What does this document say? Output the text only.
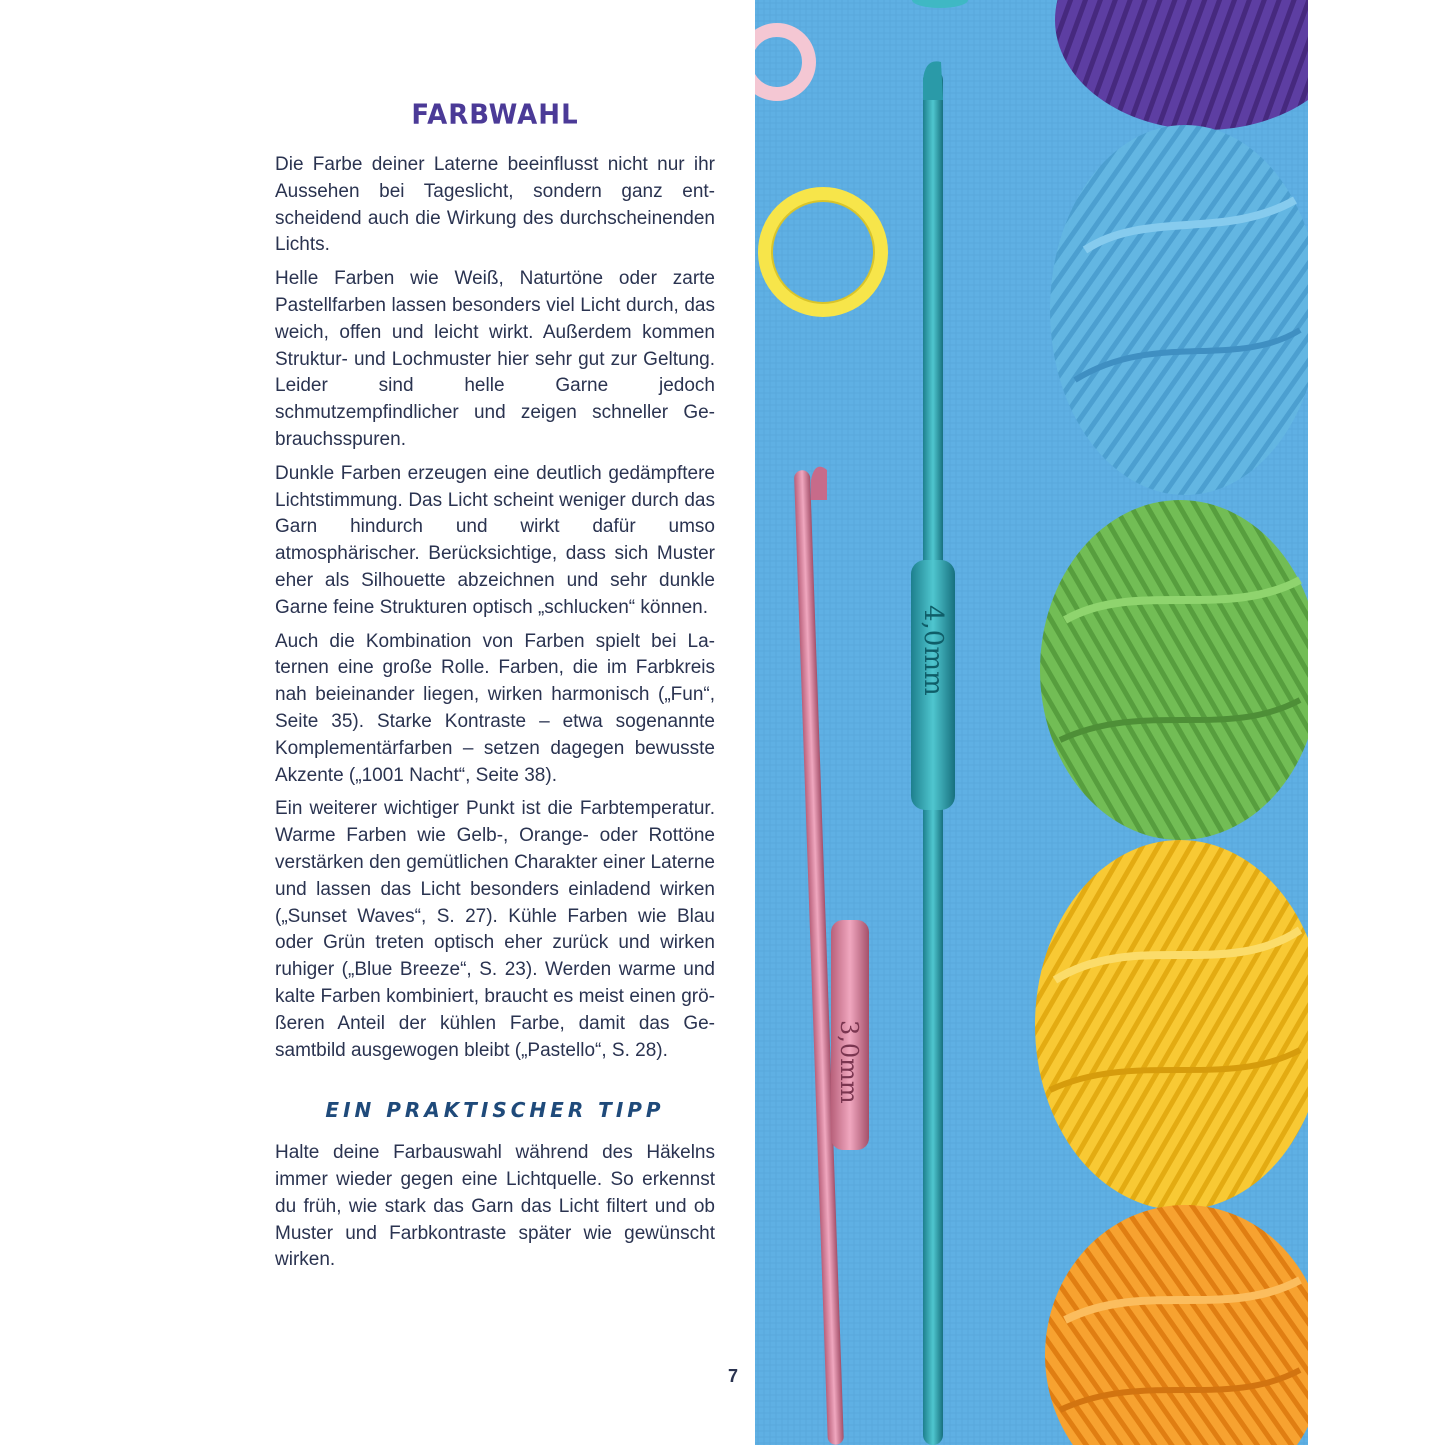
FARBWAHL

Die Farbe deiner Laterne beeinflusst nicht nur ihr Aussehen bei Tageslicht, sondern ganz entscheidend auch die Wirkung des durchscheinenden Lichts.

Helle Farben wie Weiß, Naturtöne oder zarte Pastellfarben lassen besonders viel Licht durch, das weich, offen und leicht wirkt. Außerdem kommen Struktur- und Lochmuster hier sehr gut zur Geltung. Leider sind helle Garne jedoch schmutzempfindlicher und zeigen schneller Gebrauchsspuren.

Dunkle Farben erzeugen eine deutlich gedämpftere Lichtstimmung. Das Licht scheint weniger durch das Garn hindurch und wirkt dafür umso atmosphärischer. Berücksichtige, dass sich Muster eher als Silhouette abzeichnen und sehr dunkle Garne feine Strukturen optisch „schlucken“ können.

Auch die Kombination von Farben spielt bei Laternen eine große Rolle. Farben, die im Farbkreis nah beieinander liegen, wirken harmonisch („Fun“, Seite 35). Starke Kontraste – etwa sogenannte Komplementärfarben – setzen dagegen bewusste Akzente („1001 Nacht“, Seite 38).

Ein weiterer wichtiger Punkt ist die Farbtemperatur. Warme Farben wie Gelb-, Orange- oder Rottöne verstärken den gemütlichen Charakter einer Laterne und lassen das Licht besonders einladend wirken („Sunset Waves“, S. 27). Kühle Farben wie Blau oder Grün treten optisch eher zurück und wirken ruhiger („Blue Breeze“, S. 23). Werden warme und kalte Farben kombiniert, braucht es meist einen größeren Anteil der kühlen Farbe, damit das Gesamtbild ausgewogen bleibt („Pastello“, S. 28).

EIN PRAKTISCHER TIPP

Halte deine Farbauswahl während des Häkelns immer wieder gegen eine Lichtquelle. So erkennst du früh, wie stark das Garn das Licht filtert und ob Muster und Farbkontraste später wie gewünscht wirken.

7
4,0mm
3,0mm
